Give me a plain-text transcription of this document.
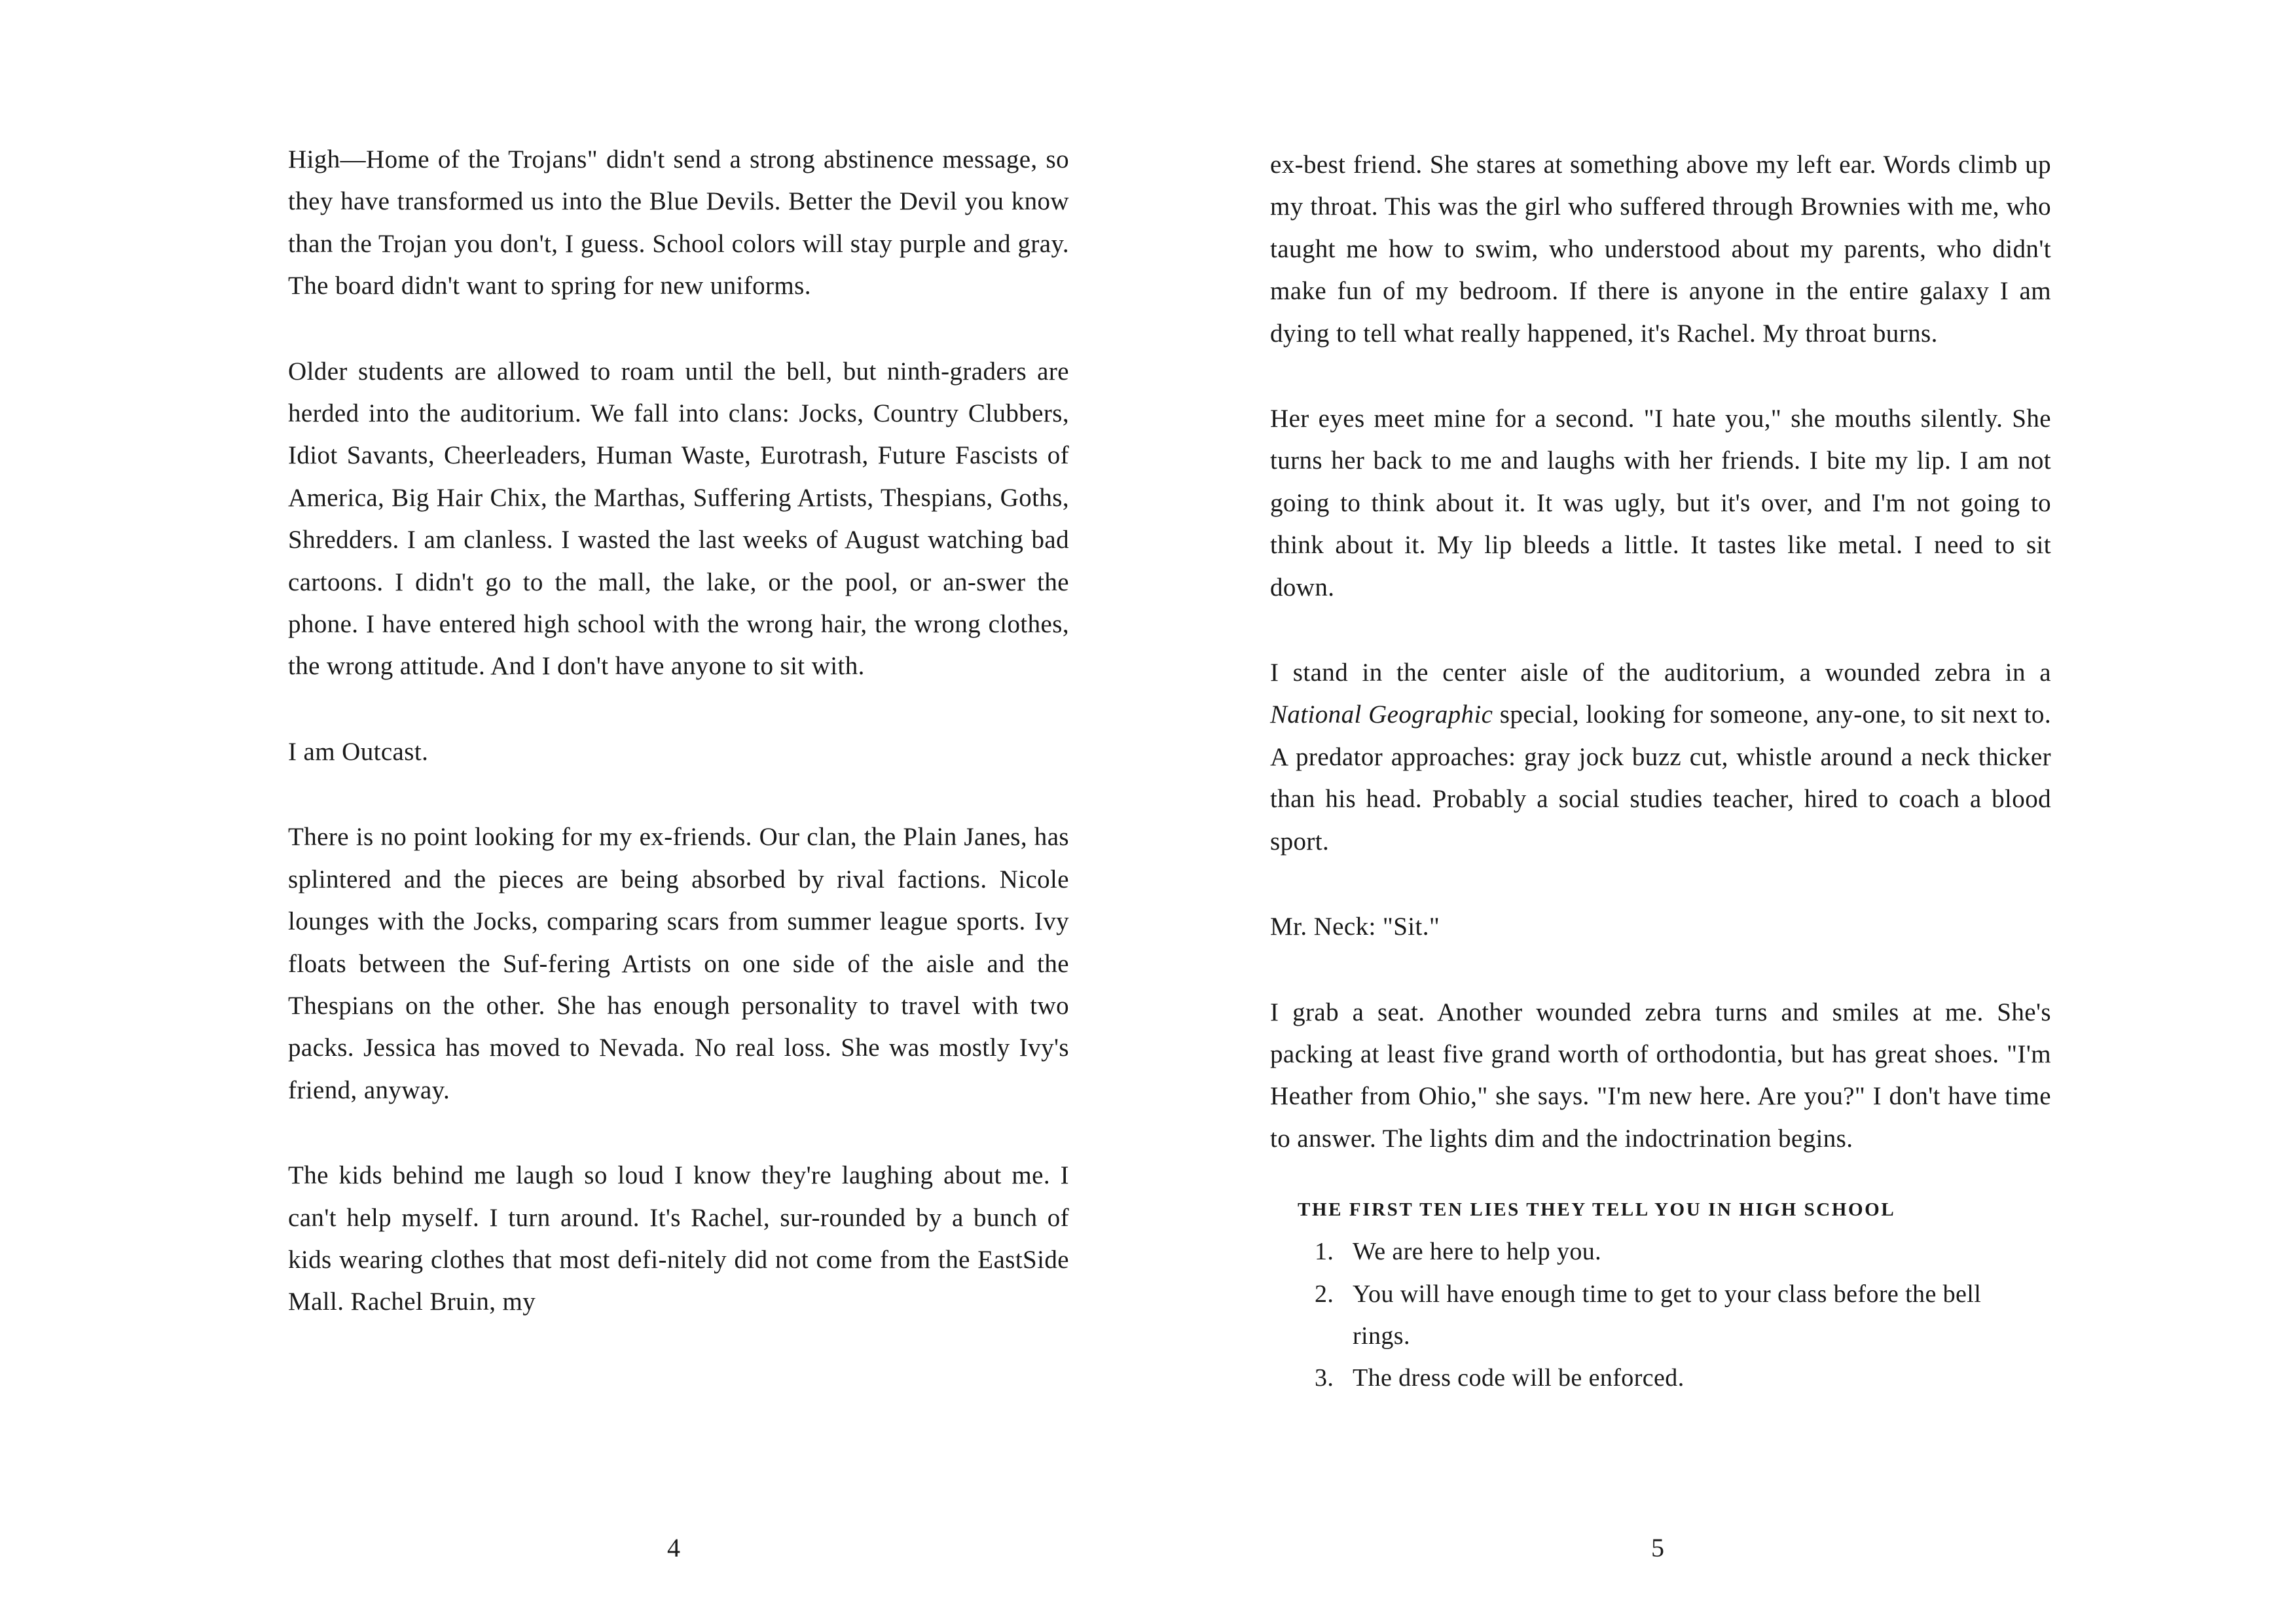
High—Home of the Trojans" didn't send a strong abstinence message, so they have transformed us into the Blue Devils. Better the Devil you know than the Trojan you don't, I guess. School colors will stay purple and gray. The board didn't want to spring for new uniforms.

Older students are allowed to roam until the bell, but ninth-graders are herded into the auditorium. We fall into clans: Jocks, Country Clubbers, Idiot Savants, Cheerleaders, Human Waste, Eurotrash, Future Fascists of America, Big Hair Chix, the Marthas, Suffering Artists, Thespians, Goths, Shredders. I am clanless. I wasted the last weeks of August watching bad cartoons. I didn't go to the mall, the lake, or the pool, or an-swer the phone. I have entered high school with the wrong hair, the wrong clothes, the wrong attitude. And I don't have anyone to sit with.

I am Outcast.

There is no point looking for my ex-friends. Our clan, the Plain Janes, has splintered and the pieces are being absorbed by rival factions. Nicole lounges with the Jocks, comparing scars from summer league sports. Ivy floats between the Suf-fering Artists on one side of the aisle and the Thespians on the other. She has enough personality to travel with two packs. Jessica has moved to Nevada. No real loss. She was mostly Ivy's friend, anyway.

The kids behind me laugh so loud I know they're laughing about me. I can't help myself. I turn around. It's Rachel, sur-rounded by a bunch of kids wearing clothes that most defi-nitely did not come from the EastSide Mall. Rachel Bruin, my

4

ex-best friend. She stares at something above my left ear. Words climb up my throat. This was the girl who suffered through Brownies with me, who taught me how to swim, who understood about my parents, who didn't make fun of my bedroom. If there is anyone in the entire galaxy I am dying to tell what really happened, it's Rachel. My throat burns.

Her eyes meet mine for a second. "I hate you," she mouths silently. She turns her back to me and laughs with her friends. I bite my lip. I am not going to think about it. It was ugly, but it's over, and I'm not going to think about it. My lip bleeds a little. It tastes like metal. I need to sit down.

I stand in the center aisle of the auditorium, a wounded zebra in a National Geographic special, looking for someone, any-one, to sit next to. A predator approaches: gray jock buzz cut, whistle around a neck thicker than his head. Probably a social studies teacher, hired to coach a blood sport.

Mr. Neck: "Sit."

I grab a seat. Another wounded zebra turns and smiles at me. She's packing at least five grand worth of orthodontia, but has great shoes. "I'm Heather from Ohio," she says. "I'm new here. Are you?" I don't have time to answer. The lights dim and the indoctrination begins.

THE FIRST TEN LIES THEY TELL YOU IN HIGH SCHOOL
1. We are here to help you.
2. You will have enough time to get to your class before the bell rings.
3. The dress code will be enforced.
5
